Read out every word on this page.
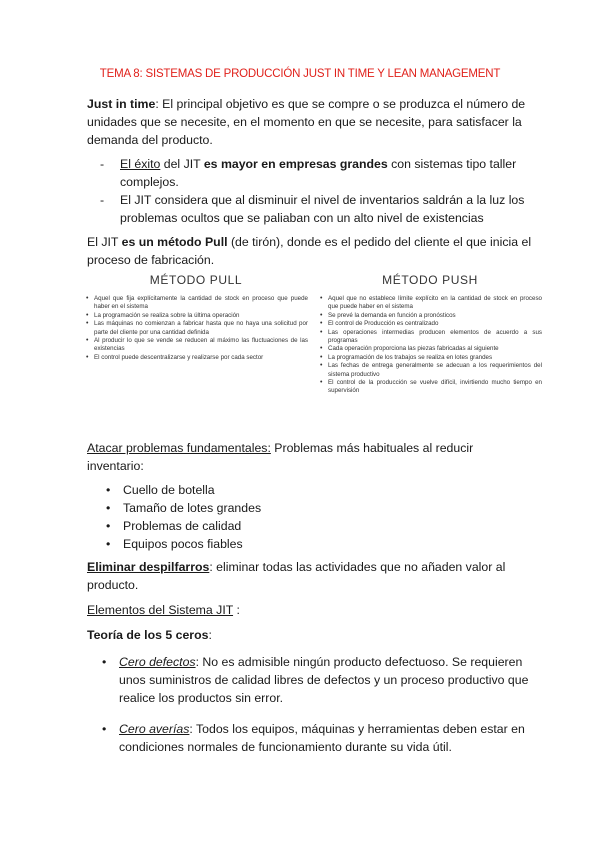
TEMA 8: SISTEMAS DE PRODUCCIÓN JUST IN TIME Y LEAN MANAGEMENT
Just in time: El principal objetivo es que se compre o se produzca el número de
unidades que se necesite, en el momento en que se necesite, para satisfacer la
demanda del producto.
- El éxito del JIT es mayor en empresas grandes con sistemas tipo taller
complejos.
- El JIT considera que al disminuir el nivel de inventarios saldrán a la luz los
problemas ocultos que se paliaban con un alto nivel de existencias
El JIT es un método Pull (de tirón), donde es el pedido del cliente el que inicia el
proceso de fabricación.
MÉTODO PULL
• Aquel que fija explícitamente la cantidad de stock en proceso que puede haber en el sistema
• La programación se realiza sobre la última operación
• Las máquinas no comienzan a fabricar hasta que no haya una solicitud por parte del cliente por una cantidad definida
• Al producir lo que se vende se reducen al máximo las fluctuaciones de las existencias
• El control puede descentralizarse y realizarse por cada sector
MÉTODO PUSH
• Aquel que no establece límite explícito en la cantidad de stock en proceso que puede haber en el sistema
• Se prevé la demanda en función a pronósticos
• El control de Producción es centralizado
• Las operaciones intermedias producen elementos de acuerdo a sus programas
• Cada operación proporciona las piezas fabricadas al siguiente
• La programación de los trabajos se realiza en lotes grandes
• Las fechas de entrega generalmente se adecuan a los requerimientos del sistema productivo
• El control de la producción se vuelve difícil, invirtiendo mucho tiempo en supervisión
Atacar problemas fundamentales: Problemas más habituales al reducir
inventario:
• Cuello de botella
• Tamaño de lotes grandes
• Problemas de calidad
• Equipos pocos fiables
Eliminar despilfarros: eliminar todas las actividades que no añaden valor al
producto.
Elementos del Sistema JIT :
Teoría de los 5 ceros:
• Cero defectos: No es admisible ningún producto defectuoso. Se requieren
unos suministros de calidad libres de defectos y un proceso productivo que
realice los productos sin error.
• Cero averías: Todos los equipos, máquinas y herramientas deben estar en
condiciones normales de funcionamiento durante su vida útil.
